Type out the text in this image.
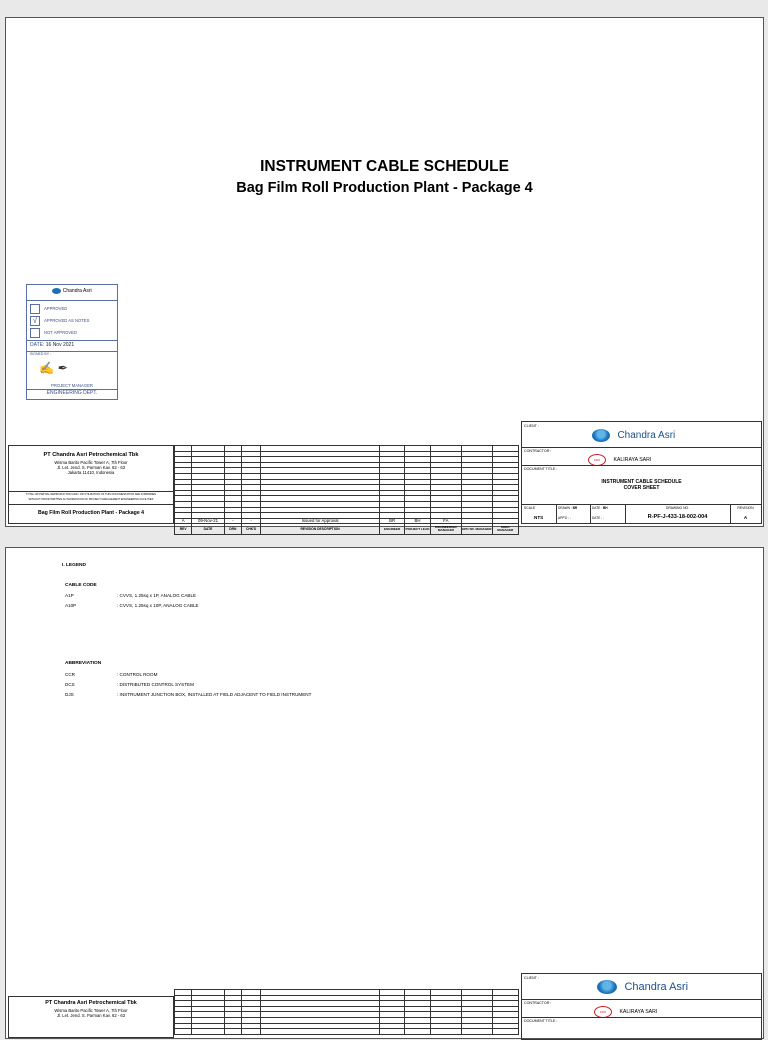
INSTRUMENT CABLE SCHEDULE
Bag Film Roll Production Plant - Package 4
Chandra Asri
APPROVED
√ APPROVED AS NOTES
NOT APPROVED
DATE: 16 Nov 2021
SIGNED BY :
✍ ✒
PROJECT MANAGER
ENGINEERING DEPT.
PT Chandra Asri Petrochemical Tbk
Wisma Barito Pacific Tower A, 7th Floor
Jl. Let. Jend. S. Parman Kav. 62 - 63
Jakarta 11410, Indonesia
TOTAL OR PARTIAL REPRODUCTION AND / OR UTILIZATION OF THIS DOCUMENTATION ARE FORBIDDEN
WITHOUT PRIOR WRITTEN AUTHORIZATION OF PROJECT MANAGEMENT ENGINEERING FACILITIES
Bag Film Roll Production Plant - Package 4

A	09-Nov-21	-	-	Issued for Approval	BR	BH	FA		
REV	DATE	DRN	CHK'D	REVISION DESCRIPTION	ENGINEER	PROJECT LEAD	ENGINEERING MANAGER	EPD SR. MANAGER	AREA MANAGER
CLIENT :
Chandra Asri
CONTRACTOR :
KRS	KALIRAYA SARI
DOCUMENT TITLE :
INSTRUMENT CABLE SCHEDULE
COVER SHEET
SCALE
NTS
DRAWN : BR
APP'D : -
DATE : BH
DATE : -
DRAWING NO.
R-PF-J-433-18-002-004
REVISION
A
I. LEGEND
CABLE CODE
A1P	: CVVS, 1.25sq x 1P, ANALOG CABLE
A10P	: CVVS, 1.25sq x 10P, ANALOG CABLE
ABBREVIATION
CCR	: CONTROL ROOM
DCS	: DISTRIBUTED CONTROL SYSTEM
DJS	: INSTRUMENT JUNCTION BOX, INSTALLED AT FIELD ADJACENT TO FIELD INSTRUMENT
PT Chandra Asri Petrochemical Tbk
Wisma Barito Pacific Tower A, 7th Floor
Jl. Let. Jend. S. Parman Kav. 62 - 63

CLIENT :
Chandra Asri
CONTRACTOR :
KRS	KALIRAYA SARI
DOCUMENT TITLE :
